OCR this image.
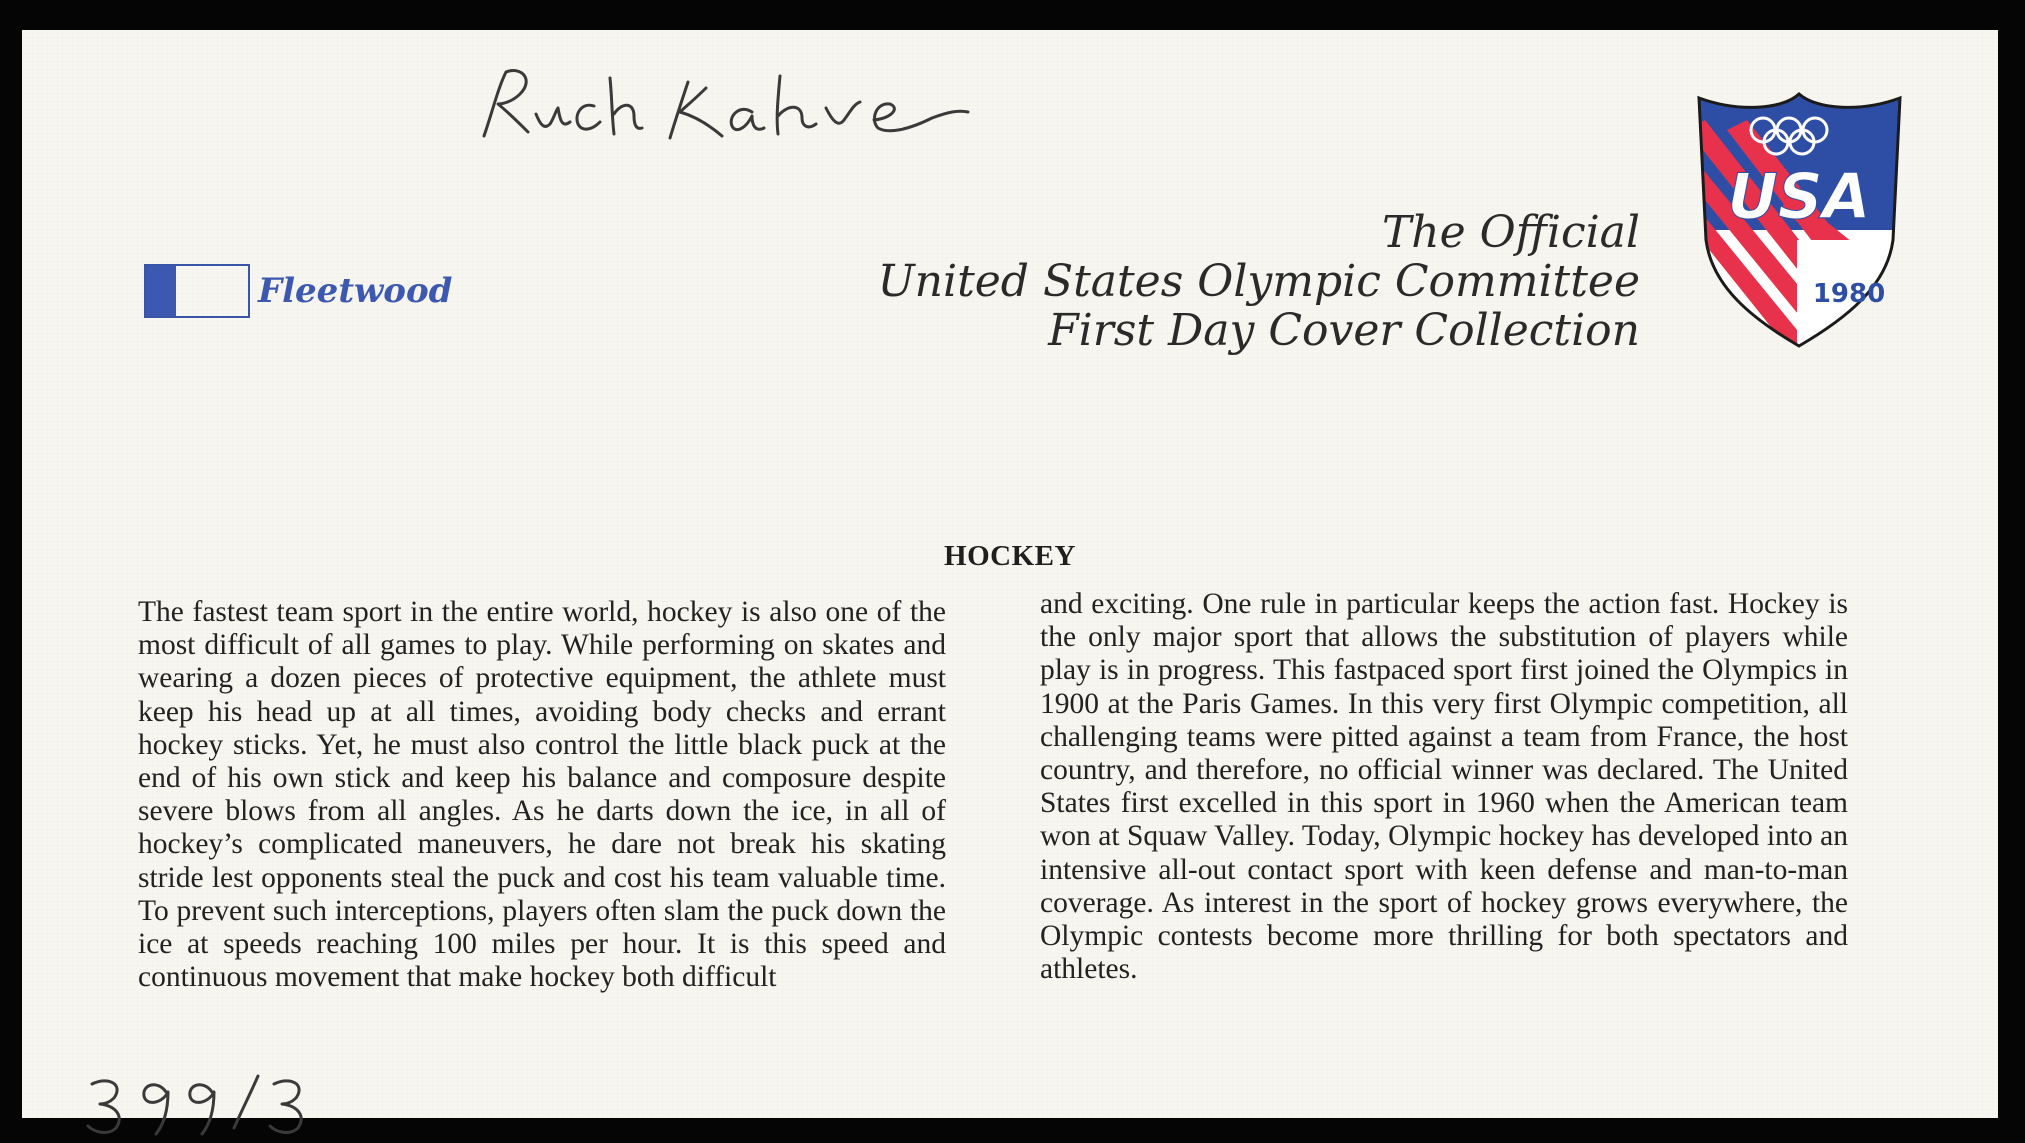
Fleetwood
The Official
United States Olympic Committee
First Day Cover Collection
USA
1980
HOCKEY
The fastest team sport in the entire world, hockey is also one of the most difficult of all games to play. While performing on skates and wearing a dozen pieces of protective equipment, the athlete must keep his head up at all times, avoiding body checks and errant hockey sticks. Yet, he must also control the little black puck at the end of his own stick and keep his balance and composure despite severe blows from all angles. As he darts down the ice, in all of hockey’s complicated maneuvers, he dare not break his skating stride lest opponents steal the puck and cost his team valuable time. To prevent such interceptions, players often slam the puck down the ice at speeds reaching 100 miles per hour. It is this speed and continuous movement that make hockey both difficult
and exciting. One rule in particular keeps the action fast. Hockey is the only major sport that allows the substitution of players while play is in progress. This fastpaced sport first joined the Olympics in 1900 at the Paris Games. In this very first Olympic competition, all challenging teams were pitted against a team from France, the host country, and therefore, no official winner was declared. The United States first excelled in this sport in 1960 when the American team won at Squaw Valley. Today, Olympic hockey has developed into an intensive all-out contact sport with keen defense and man-to-man coverage. As interest in the sport of hockey grows everywhere, the Olympic contests become more thrilling for both spectators and athletes.
